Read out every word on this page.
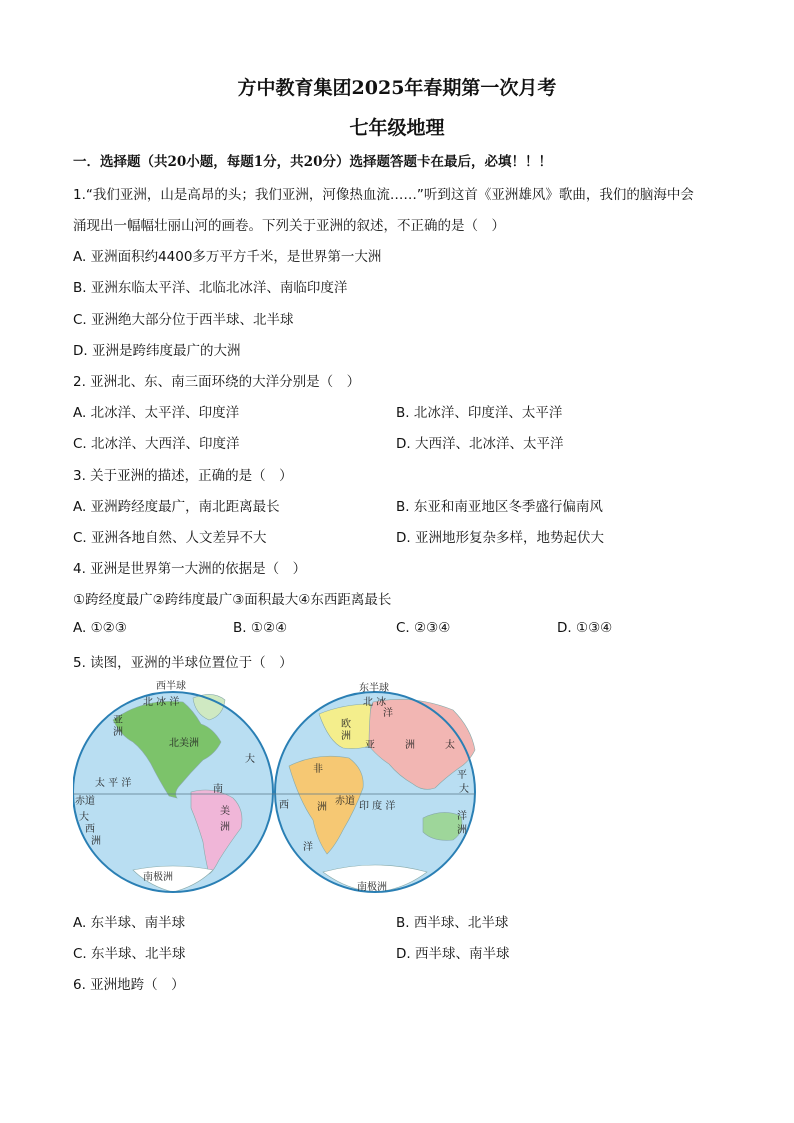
方中教育集团2025年春期第一次月考
七年级地理
一．选择题（共20小题，每题1分，共20分）选择题答题卡在最后，必填！！！
1.“我们亚洲，山是高昂的头；我们亚洲，河像热血流……”听到这首《亚洲雄风》歌曲，我们的脑海中会
涌现出一幅幅壮丽山河的画卷。下列关于亚洲的叙述，不正确的是（　）
A. 亚洲面积约4400多万平方千米，是世界第一大洲
B. 亚洲东临太平洋、北临北冰洋、南临印度洋
C. 亚洲绝大部分位于西半球、北半球
D. 亚洲是跨纬度最广的大洲
2. 亚洲北、东、南三面环绕的大洋分别是（　）
A. 北冰洋、太平洋、印度洋	B. 北冰洋、印度洋、太平洋
C. 北冰洋、大西洋、印度洋	D. 大西洋、北冰洋、太平洋
3. 关于亚洲的描述，正确的是（　）
A. 亚洲跨经度最广，南北距离最长	B. 东亚和南亚地区冬季盛行偏南风
C. 亚洲各地自然、人文差异不大	D. 亚洲地形复杂多样，地势起伏大
4. 亚洲是世界第一大洲的依据是（　）
①跨经度最广②跨纬度最广③面积最大④东西距离最长
A. ①②③	B. ①②④	C. ②③④	D. ①③④
5. 读图，亚洲的半球位置位于（　）
西半球	东半球
北 冰 洋	北 冰
洋
亚
洲
北美洲
大
太 平 洋
南
美
洲
赤道
大
西
洲
南极洲
欧
洲
亚	洲	太
非
洲
平
大
西	赤道 印 度 洋
洋
洲
洋
南极洲
A. 东半球、南半球	B. 西半球、北半球
C. 东半球、北半球	D. 西半球、南半球
6. 亚洲地跨（　）
